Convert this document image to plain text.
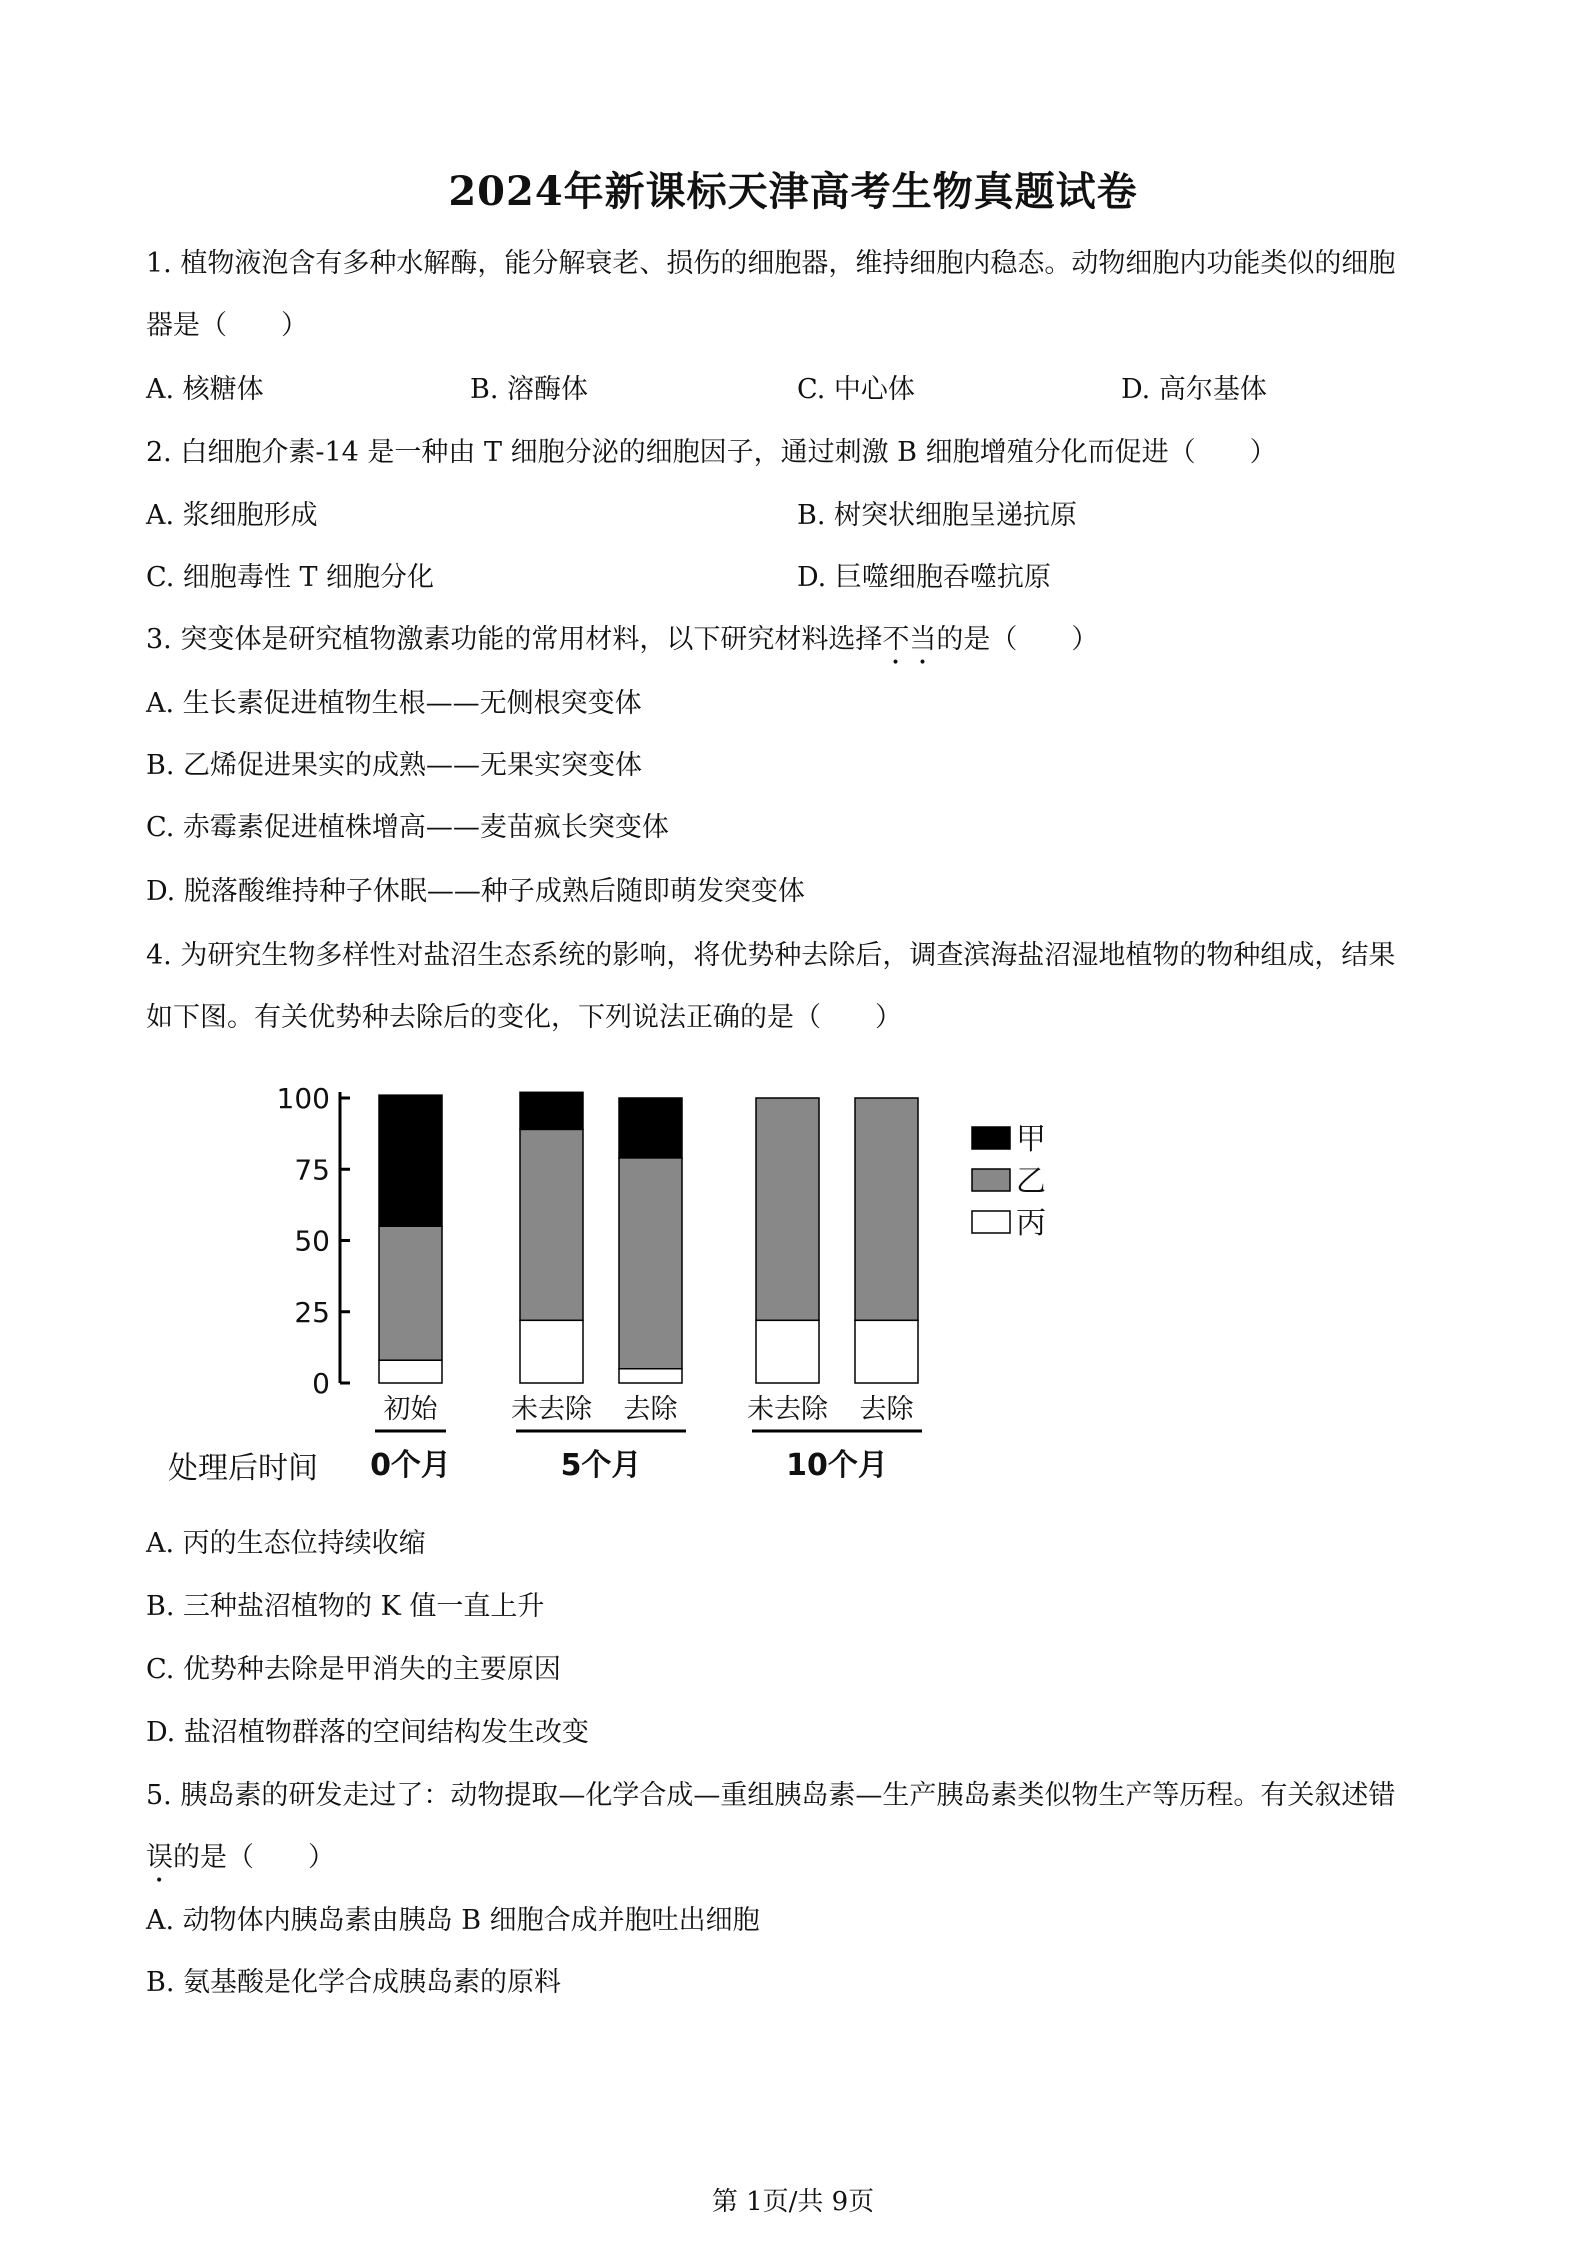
2024年新课标天津高考生物真题试卷
1. 植物液泡含有多种水解酶，能分解衰老、损伤的细胞器，维持细胞内稳态。动物细胞内功能类似的细胞
器是（　　）
A. 核糖体	B. 溶酶体	C. 中心体	D. 高尔基体
2. 白细胞介素-14 是一种由 T 细胞分泌的细胞因子，通过刺激 B 细胞增殖分化而促进（　　）
A. 浆细胞形成	B. 树突状细胞呈递抗原
C. 细胞毒性 T 细胞分化	D. 巨噬细胞吞噬抗原
3. 突变体是研究植物激素功能的常用材料，以下研究材料选择不当的是（　　）
A. 生长素促进植物生根——无侧根突变体
B. 乙烯促进果实的成熟——无果实突变体
C. 赤霉素促进植株增高——麦苗疯长突变体
D. 脱落酸维持种子休眠——种子成熟后随即萌发突变体
4. 为研究生物多样性对盐沼生态系统的影响，将优势种去除后，调查滨海盐沼湿地植物的物种组成，结果
如下图。有关优势种去除后的变化，下列说法正确的是（　　）
0
25
50
75
100
初始	未去除 去除	未去除 去除
0个月	5个月	10个月
处理后时间
甲
乙
丙
A. 丙的生态位持续收缩
B. 三种盐沼植物的 K 值一直上升
C. 优势种去除是甲消失的主要原因
D. 盐沼植物群落的空间结构发生改变
5. 胰岛素的研发走过了：动物提取—化学合成—重组胰岛素—生产胰岛素类似物生产等历程。有关叙述错
误的是（　　）
A. 动物体内胰岛素由胰岛 B 细胞合成并胞吐出细胞
B. 氨基酸是化学合成胰岛素的原料
第 1页/共 9页
